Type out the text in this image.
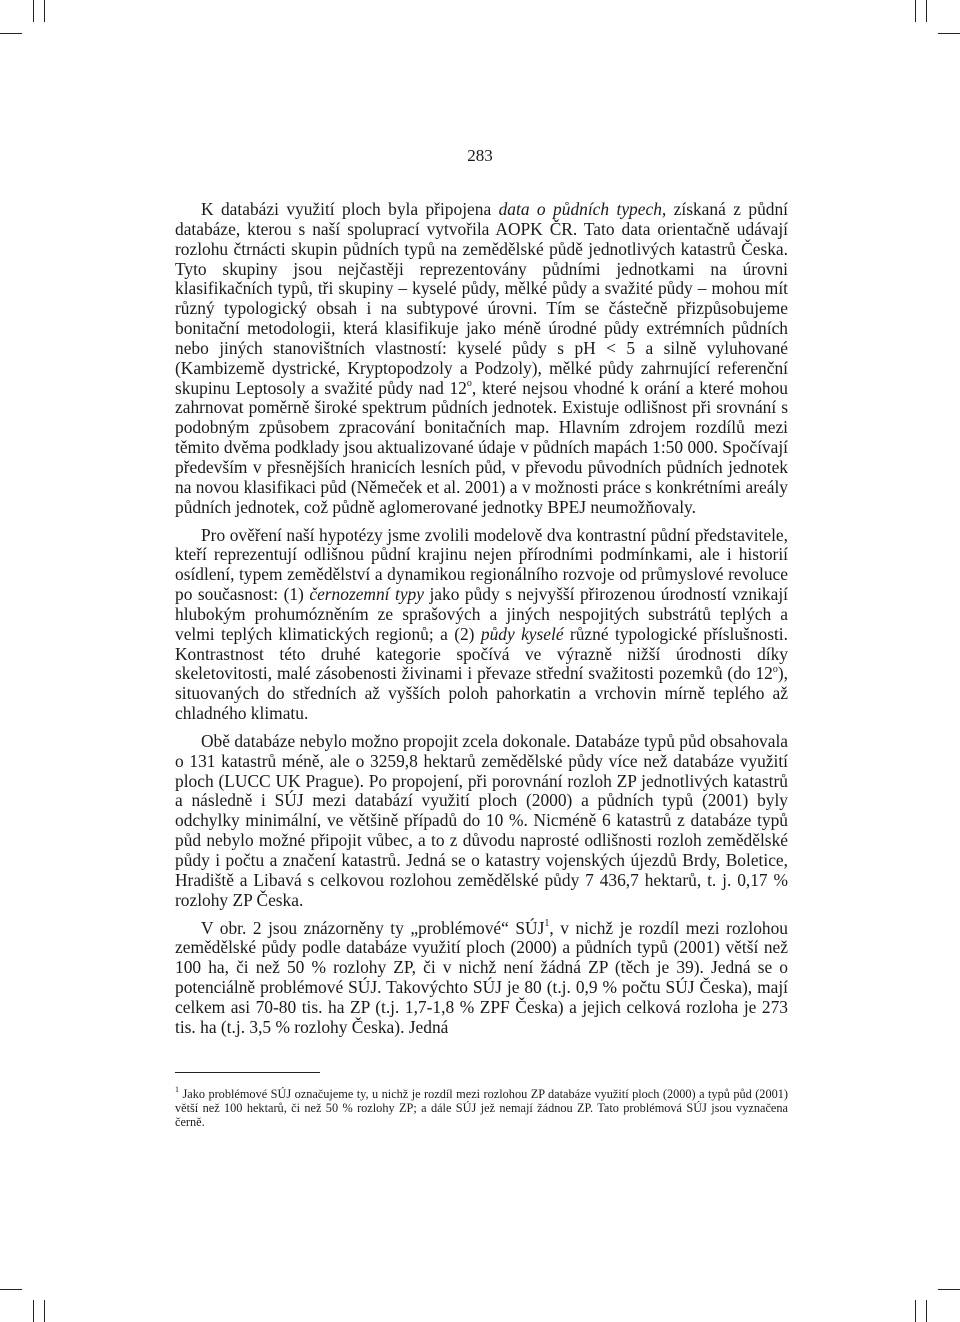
283

K databázi využití ploch byla připojena data o půdních typech, získaná z půdní databáze, kterou s naší spoluprací vytvořila AOPK ČR. Tato data orientačně udávají rozlohu čtrnácti skupin půdních typů na zemědělské půdě jednotlivých katastrů Česka. Tyto skupiny jsou nejčastěji reprezentovány půdními jednotkami na úrovni klasifikačních typů, tři skupiny – kyselé půdy, mělké půdy a svažité půdy – mohou mít různý typologický obsah i na subtypové úrovni. Tím se částečně přizpůsobujeme bonitační metodologii, která klasifikuje jako méně úrodné půdy extrémních půdních nebo jiných stanovištních vlastností: kyselé půdy s pH < 5 a silně vyluhované (Kambizemě dystrické, Kryptopodzoly a Podzoly), mělké půdy zahrnující referenční skupinu Leptosoly a svažité půdy nad 12$^o$, které nejsou vhodné k orání a které mohou zahrnovat poměrně široké spektrum půdních jednotek. Existuje odlišnost při srovnání s podobným způsobem zpracování bonitačních map. Hlavním zdrojem rozdílů mezi těmito dvěma podklady jsou aktualizované údaje v půdních mapách 1:50 000. Spočívají především v přesnějších hranicích lesních půd, v převodu původních půdních jednotek na novou klasifikaci půd (Němeček et al. 2001) a v možnosti práce s konkrétními areály půdních jednotek, což půdně aglomerované jednotky BPEJ neumožňovaly.

Pro ověření naší hypotézy jsme zvolili modelově dva kontrastní půdní představitele, kteří reprezentují odlišnou půdní krajinu nejen přírodními podmínkami, ale i historií osídlení, typem zemědělství a dynamikou regionálního rozvoje od průmyslové revoluce po současnost: (1) černozemní typy jako půdy s nejvyšší přirozenou úrodností vznikají hlubokým prohumózněním ze sprašových a jiných nespojitých substrátů teplých a velmi teplých klimatických regionů; a (2) půdy kyselé různé typologické příslušnosti. Kontrastnost této druhé kategorie spočívá ve výrazně nižší úrodnosti díky skeletovitosti, malé zásobenosti živinami i převaze střední svažitosti pozemků (do 12$^o$), situovaných do středních až vyšších poloh pahorkatin a vrchovin mírně teplého až chladného klimatu.

Obě databáze nebylo možno propojit zcela dokonale. Databáze typů půd obsahovala o 131 katastrů méně, ale o 3259,8 hektarů zemědělské půdy více než databáze využití ploch (LUCC UK Prague). Po propojení, při porovnání rozloh ZP jednotlivých katastrů a následně i SÚJ mezi databází využití ploch (2000) a půdních typů (2001) byly odchylky minimální, ve většině případů do 10 %. Nicméně 6 katastrů z databáze typů půd nebylo možné připojit vůbec, a to z důvodu naprosté odlišnosti rozloh zemědělské půdy i počtu a značení katastrů. Jedná se o katastry vojenských újezdů Brdy, Boletice, Hradiště a Libavá s celkovou rozlohou zemědělské půdy 7 436,7 hektarů, t. j. 0,17 % rozlohy ZP Česka.

V obr. 2 jsou znázorněny ty „problémové“ SÚJ$^1$, v nichž je rozdíl mezi rozlohou zemědělské půdy podle databáze využití ploch (2000) a půdních typů (2001) větší než 100 ha, či než 50 % rozlohy ZP, či v nichž není žádná ZP (těch je 39). Jedná se o potenciálně problémové SÚJ. Takovýchto SÚJ je 80 (t.j. 0,9 % počtu SÚJ Česka), mají celkem asi 70-80 tis. ha ZP (t.j. 1,7-1,8 % ZPF Česka) a jejich celková rozloha je 273 tis. ha (t.j. 3,5 % rozlohy Česka). Jedná

$^1$ Jako problémové SÚJ označujeme ty, u nichž je rozdíl mezi rozlohou ZP databáze využití ploch (2000) a typů půd (2001) větší než 100 hektarů, či než 50 % rozlohy ZP; a dále SÚJ jež nemají žádnou ZP. Tato problémová SÚJ jsou vyznačena černě.
